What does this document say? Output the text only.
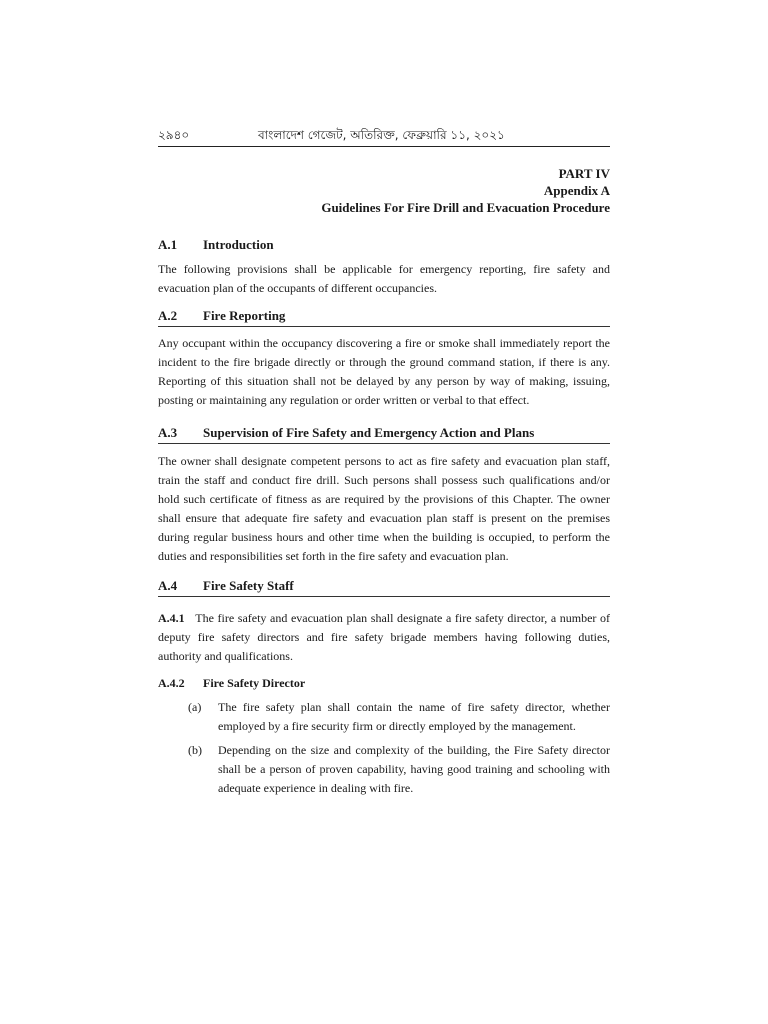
২৯৪০	বাংলাদেশ গেজেট, অতিরিক্ত, ফেব্রুয়ারি ১১, ২০২১
PART IV
Appendix A
Guidelines For Fire Drill and Evacuation Procedure
A.1 Introduction
The following provisions shall be applicable for emergency reporting, fire safety and evacuation plan of the occupants of different occupancies.
A.2 Fire Reporting
Any occupant within the occupancy discovering a fire or smoke shall immediately report the incident to the fire brigade directly or through the ground command station, if there is any. Reporting of this situation shall not be delayed by any person by way of making, issuing, posting or maintaining any regulation or order written or verbal to that effect.
A.3 Supervision of Fire Safety and Emergency Action and Plans
The owner shall designate competent persons to act as fire safety and evacuation plan staff, train the staff and conduct fire drill. Such persons shall possess such qualifications and/or hold such certificate of fitness as are required by the provisions of this Chapter. The owner shall ensure that adequate fire safety and evacuation plan staff is present on the premises during regular business hours and other time when the building is occupied, to perform the duties and responsibilities set forth in the fire safety and evacuation plan.
A.4 Fire Safety Staff
A.4.1 The fire safety and evacuation plan shall designate a fire safety director, a number of deputy fire safety directors and fire safety brigade members having following duties, authority and qualifications.
A.4.2 Fire Safety Director
(a) The fire safety plan shall contain the name of fire safety director, whether employed by a fire security firm or directly employed by the management.
(b) Depending on the size and complexity of the building, the Fire Safety director shall be a person of proven capability, having good training and schooling with adequate experience in dealing with fire.
